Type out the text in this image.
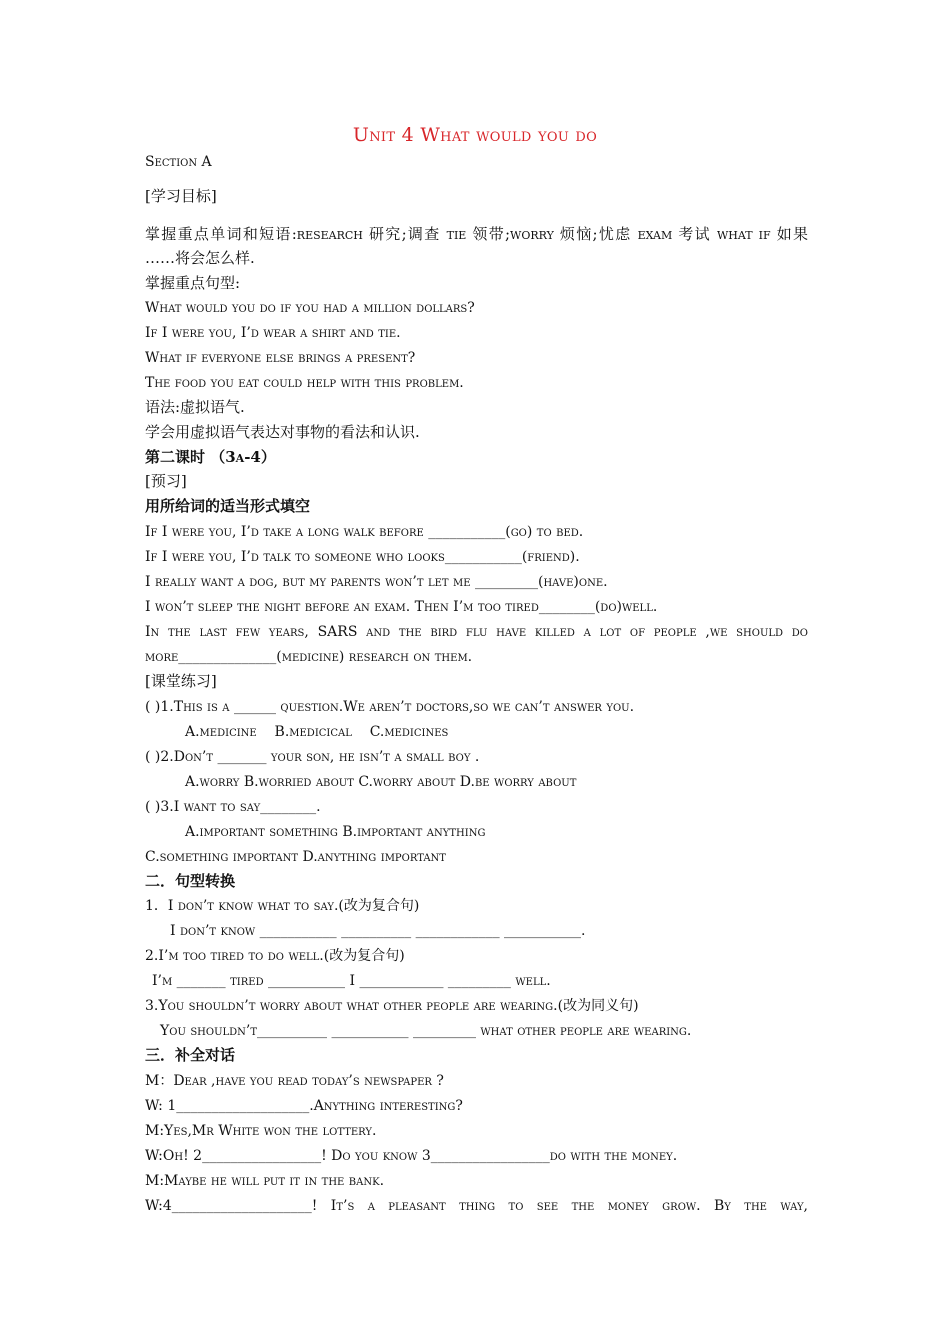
Unit 4 What would you do
Section A
[学习目标]
掌握重点单词和短语:research 研究;调查 tie 领带;worry 烦恼;忧虑 exam 考试 what if 如果
……将会怎么样.
掌握重点句型:
What would you do if you had a million dollars?
If I were you, I’d wear a shirt and tie.
What if everyone else brings a present?
The food you eat could help with this problem.
语法:虚拟语气.
学会用虚拟语气表达对事物的看法和认识.
第二课时 （3a-4）
[预习]
用所给词的适当形式填空
If I were you, I’d take a long walk before ___________(go) to bed.
If I were you, I’d talk to someone who looks___________(friend).
I really want a dog, but my parents won’t let me _________(have)one.
I won’t sleep the night before an exam. Then I’m too tired________(do)well.
In the last few years, SARS and the bird flu have killed a lot of people ,we should do
more______________(medicine) research on them.
[课堂练习]
( )1.This is a ______ question.We aren’t doctors,so we can’t answer you.
A.medicine    B.medicical    C.medicines
( )2.Don’t _______ your son, he isn’t a small boy .
A.worry B.worried about C.worry about D.be worry about
( )3.I want to say________.
A.important something B.important anything
C.something important D.anything important
二．句型转换
1．I don’t know what to say.(改为复合句)
I don’t know ___________ __________ ____________ ___________.
2.I’m too tired to do well.(改为复合句)
I’m _______ tired ___________ I ____________ _________ well.
3.You shouldn’t worry about what other people are wearing.(改为同义句)
You shouldn’t__________ ___________ _________ what other people are wearing.
三．补全对话
M：Dear ,have you read today’s newspaper ?
W: 1___________________.Anything interesting?
M:Yes,Mr White won the lottery.
W:Oh! 2_________________! Do you know 3_________________do with the money.
M:Maybe he will put it in the bank.
W:4____________________! It’s a pleasant thing to see the money grow. By the way,
